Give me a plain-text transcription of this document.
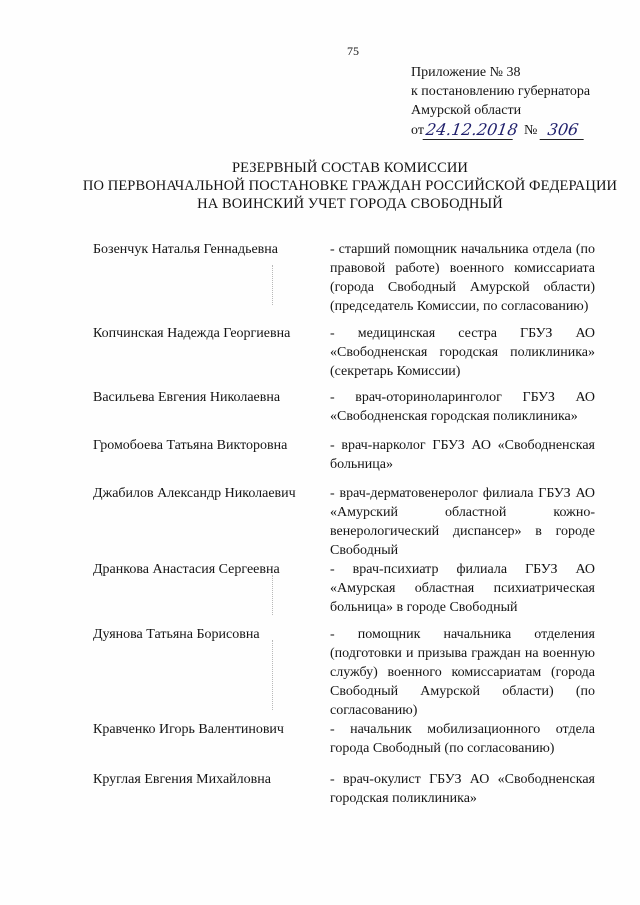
75
Приложение № 38
к постановлению губернатора
Амурской области
от 24.12.2018 № 306
РЕЗЕРВНЫЙ СОСТАВ КОМИССИИ
ПО ПЕРВОНАЧАЛЬНОЙ ПОСТАНОВКЕ ГРАЖДАН РОССИЙСКОЙ ФЕДЕРАЦИИ
НА ВОИНСКИЙ УЧЕТ ГОРОДА СВОБОДНЫЙ
Бозенчук Наталья Геннадьевна	- старший помощник начальника отдела (по правовой работе) военного комиссариата (города Свободный Амурской области) (председатель Комиссии, по согласованию)
Копчинская Надежда Георгиевна	- медицинская сестра ГБУЗ АО «Свободненская городская поликлиника» (секретарь Комиссии)
Васильева Евгения Николаевна	- врач-оториноларинголог ГБУЗ АО «Свободненская городская поликлиника»
Громобоева Татьяна Викторовна	- врач-нарколог ГБУЗ АО «Свободненская больница»
Джабилов Александр Николаевич	- врач-дерматовенеролог филиала ГБУЗ АО «Амурский областной кожно-венерологический диспансер» в городе Свободный
Дранкова Анастасия Сергеевна	- врач-психиатр филиала ГБУЗ АО «Амурская областная психиатрическая больница» в городе Свободный
Дуянова Татьяна Борисовна	- помощник начальника отделения (подготовки и призыва граждан на военную службу) военного комиссариатам (города Свободный Амурской области) (по согласованию)
Кравченко Игорь Валентинович	- начальник мобилизационного отдела города Свободный (по согласованию)
Круглая Евгения Михайловна	- врач-окулист ГБУЗ АО «Свободненская городская поликлиника»
